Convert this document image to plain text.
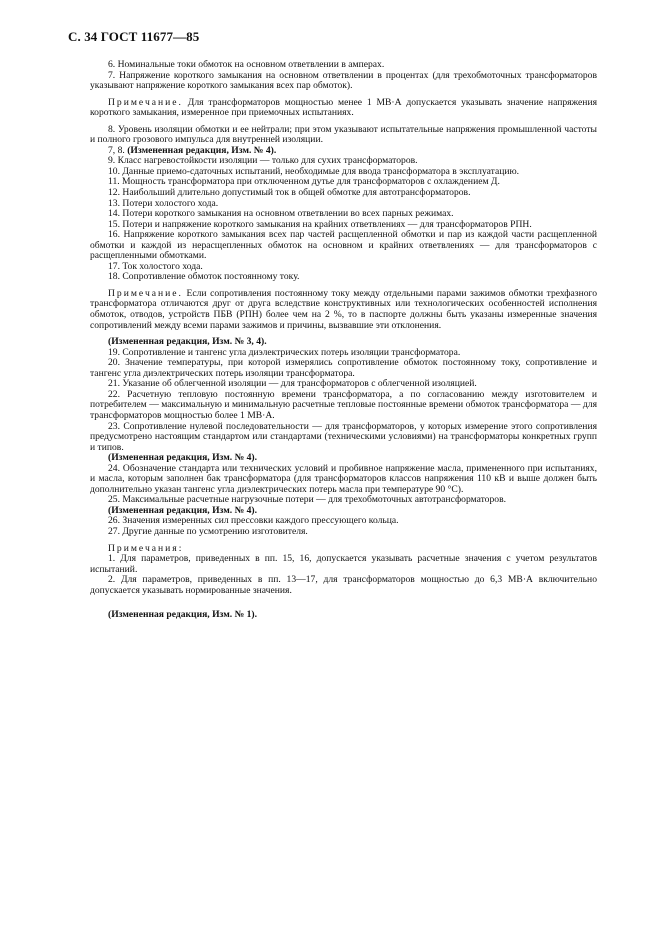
С. 34 ГОСТ 11677—85

6. Номинальные токи обмоток на основном ответвлении в амперах.

7. Напряжение короткого замыкания на основном ответвлении в процентах (для трехобмоточных трансформаторов указывают напряжение короткого замыкания всех пар обмоток).

Примечание. Для трансформаторов мощностью менее 1 МВ·А допускается указывать значение напряжения короткого замыкания, измеренное при приемочных испытаниях.

8. Уровень изоляции обмотки и ее нейтрали; при этом указывают испытательные напряжения промышленной частоты и полного грозового импульса для внутренней изоляции.

7, 8. (Измененная редакция, Изм. № 4).

9. Класс нагревостойкости изоляции — только для сухих трансформаторов.

10. Данные приемо-сдаточных испытаний, необходимые для ввода трансформатора в эксплуатацию.

11. Мощность трансформатора при отключенном дутье для трансформаторов с охлаждением Д.

12. Наибольший длительно допустимый ток в общей обмотке для автотрансформаторов.

13. Потери холостого хода.

14. Потери короткого замыкания на основном ответвлении во всех парных режимах.

15. Потери и напряжение короткого замыкания на крайних ответвлениях — для трансформаторов РПН.

16. Напряжение короткого замыкания всех пар частей расщепленной обмотки и пар из каждой части расщепленной обмотки и каждой из нерасщепленных обмоток на основном и крайних ответвлениях — для трансформаторов с расщепленными обмотками.

17. Ток холостого хода.

18. Сопротивление обмоток постоянному току.

Примечание. Если сопротивления постоянному току между отдельными парами зажимов обмотки трехфазного трансформатора отличаются друг от друга вследствие конструктивных или технологических особенностей исполнения обмоток, отводов, устройств ПБВ (РПН) более чем на 2 %, то в паспорте должны быть указаны измеренные значения сопротивлений между всеми парами зажимов и причины, вызвавшие эти отклонения.

(Измененная редакция, Изм. № 3, 4).

19. Сопротивление и тангенс угла диэлектрических потерь изоляции трансформатора.

20. Значение температуры, при которой измерялись сопротивление обмоток постоянному току, сопротивление и тангенс угла диэлектрических потерь изоляции трансформатора.

21. Указание об облегченной изоляции — для трансформаторов с облегченной изоляцией.

22. Расчетную тепловую постоянную времени трансформатора, а по согласованию между изготовителем и потребителем — максимальную и минимальную расчетные тепловые постоянные времени обмоток трансформатора — для трансформаторов мощностью более 1 МВ·А.

23. Сопротивление нулевой последовательности — для трансформаторов, у которых измерение этого сопротивления предусмотрено настоящим стандартом или стандартами (техническими условиями) на трансформаторы конкретных групп и типов.

(Измененная редакция, Изм. № 4).

24. Обозначение стандарта или технических условий и пробивное напряжение масла, примененного при испытаниях, и масла, которым заполнен бак трансформатора (для трансформаторов классов напряжения 110 кВ и выше должен быть дополнительно указан тангенс угла диэлектрических потерь масла при температуре 90 °С).

25. Максимальные расчетные нагрузочные потери — для трехобмоточных автотрансформаторов.

(Измененная редакция, Изм. № 4).

26. Значения измеренных сил прессовки каждого прессующего кольца.

27. Другие данные по усмотрению изготовителя.

Примечания:

1. Для параметров, приведенных в пп. 15, 16, допускается указывать расчетные значения с учетом результатов испытаний.

2. Для параметров, приведенных в пп. 13—17, для трансформаторов мощностью до 6,3 МВ·А включительно допускается указывать нормированные значения.

(Измененная редакция, Изм. № 1).
